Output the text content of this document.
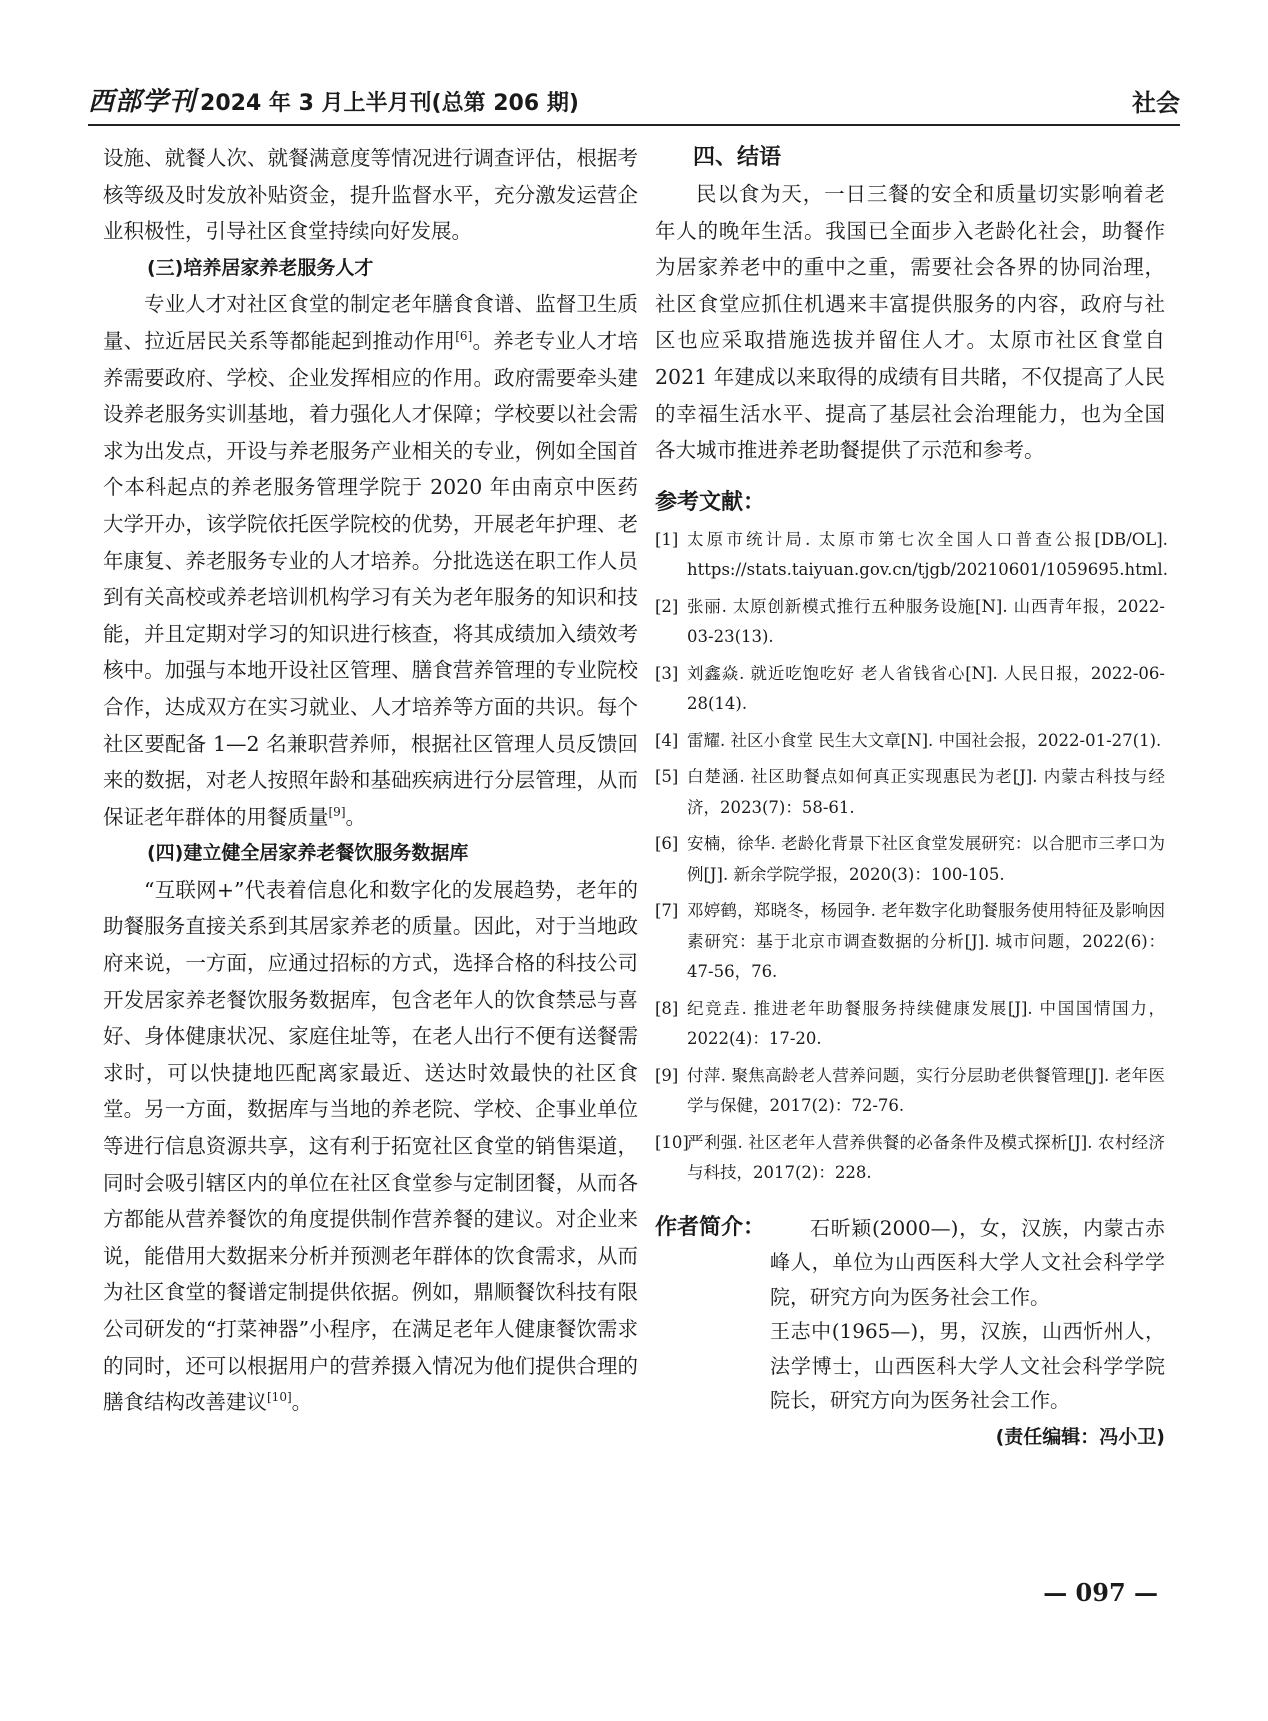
西部学刊 2024 年 3 月上半月刊(总第 206 期)	社会

设施、就餐人次、就餐满意度等情况进行调查评估，根据考核等级及时发放补贴资金，提升监督水平，充分激发运营企业积极性，引导社区食堂持续向好发展。

(三)培养居家养老服务人才

专业人才对社区食堂的制定老年膳食食谱、监督卫生质量、拉近居民关系等都能起到推动作用[6]。养老专业人才培养需要政府、学校、企业发挥相应的作用。政府需要牵头建设养老服务实训基地，着力强化人才保障；学校要以社会需求为出发点，开设与养老服务产业相关的专业，例如全国首个本科起点的养老服务管理学院于 2020 年由南京中医药大学开办，该学院依托医学院校的优势，开展老年护理、老年康复、养老服务专业的人才培养。分批选送在职工作人员到有关高校或养老培训机构学习有关为老年服务的知识和技能，并且定期对学习的知识进行核查，将其成绩加入绩效考核中。加强与本地开设社区管理、膳食营养管理的专业院校合作，达成双方在实习就业、人才培养等方面的共识。每个社区要配备 1—2 名兼职营养师，根据社区管理人员反馈回来的数据，对老人按照年龄和基础疾病进行分层管理，从而保证老年群体的用餐质量[9]。

(四)建立健全居家养老餐饮服务数据库

“互联网+”代表着信息化和数字化的发展趋势，老年的助餐服务直接关系到其居家养老的质量。因此，对于当地政府来说，一方面，应通过招标的方式，选择合格的科技公司开发居家养老餐饮服务数据库，包含老年人的饮食禁忌与喜好、身体健康状况、家庭住址等，在老人出行不便有送餐需求时，可以快捷地匹配离家最近、送达时效最快的社区食堂。另一方面，数据库与当地的养老院、学校、企事业单位等进行信息资源共享，这有利于拓宽社区食堂的销售渠道，同时会吸引辖区内的单位在社区食堂参与定制团餐，从而各方都能从营养餐饮的角度提供制作营养餐的建议。对企业来说，能借用大数据来分析并预测老年群体的饮食需求，从而为社区食堂的餐谱定制提供依据。例如，鼎顺餐饮科技有限公司研发的“打菜神器”小程序，在满足老年人健康餐饮需求的同时，还可以根据用户的营养摄入情况为他们提供合理的膳食结构改善建议[10]。

四、结语

民以食为天，一日三餐的安全和质量切实影响着老年人的晚年生活。我国已全面步入老龄化社会，助餐作为居家养老中的重中之重，需要社会各界的协同治理，社区食堂应抓住机遇来丰富提供服务的内容，政府与社区也应采取措施选拔并留住人才。太原市社区食堂自 2021 年建成以来取得的成绩有目共睹，不仅提高了人民的幸福生活水平、提高了基层社会治理能力，也为全国各大城市推进养老助餐提供了示范和参考。

参考文献：
[1] 太原市统计局. 太原市第七次全国人口普查公报[DB/OL]. https://stats.taiyuan.gov.cn/tjgb/20210601/1059695.html.
[2] 张丽. 太原创新模式推行五种服务设施[N]. 山西青年报，2022-03-23(13).
[3] 刘鑫焱. 就近吃饱吃好 老人省钱省心[N]. 人民日报，2022-06-28(14).
[4] 雷耀. 社区小食堂 民生大文章[N]. 中国社会报，2022-01-27(1).
[5] 白楚涵. 社区助餐点如何真正实现惠民为老[J]. 内蒙古科技与经济，2023(7)：58-61.
[6] 安楠，徐华. 老龄化背景下社区食堂发展研究：以合肥市三孝口为例[J]. 新余学院学报，2020(3)：100-105.
[7] 邓婷鹤，郑晓冬，杨园争. 老年数字化助餐服务使用特征及影响因素研究：基于北京市调查数据的分析[J]. 城市问题，2022(6)：47-56，76.
[8] 纪竞垚. 推进老年助餐服务持续健康发展[J]. 中国国情国力，2022(4)：17-20.
[9] 付萍. 聚焦高龄老人营养问题，实行分层助老供餐管理[J]. 老年医学与保健，2017(2)：72-76.
[10]
严利强. 社区老年人营养供餐的必备条件及模式探析[J]. 农村经济与科技，2017(2)：228.
作者简介：	石昕颖(2000—)，女，汉族，内蒙古赤峰人，单位为山西医科大学人文社会科学学院，研究方向为医务社会工作。

王志中(1965—)，男，汉族，山西忻州人，法学博士，山西医科大学人文社会科学学院院长，研究方向为医务社会工作。

(责任编辑：冯小卫)
— 097 —
